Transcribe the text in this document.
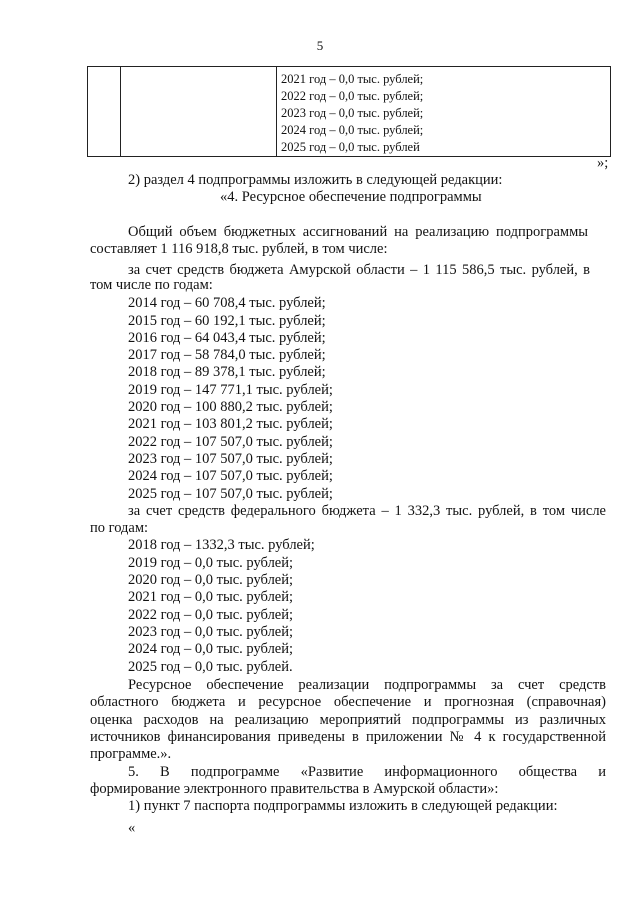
5

2021 год – 0,0 тыс. рублей;
2022 год – 0,0 тыс. рублей;
2023 год – 0,0 тыс. рублей;
2024 год – 0,0 тыс. рублей;
2025 год – 0,0 тыс. рублей
»;
2) раздел 4 подпрограммы изложить в следующей редакции:
«4. Ресурсное обеспечение подпрограммы
Общий объем бюджетных ассигнований на реализацию подпрограммы
составляет 1 116 918,8 тыс. рублей, в том числе:
за счет средств бюджета Амурской области – 1 115 586,5 тыс. рублей, в
том числе по годам:
2014 год – 60 708,4 тыс. рублей;
2015 год – 60 192,1 тыс. рублей;
2016 год – 64 043,4 тыс. рублей;
2017 год – 58 784,0 тыс. рублей;
2018 год – 89 378,1 тыс. рублей;
2019 год – 147 771,1 тыс. рублей;
2020 год – 100 880,2 тыс. рублей;
2021 год – 103 801,2 тыс. рублей;
2022 год – 107 507,0 тыс. рублей;
2023 год – 107 507,0 тыс. рублей;
2024 год – 107 507,0 тыс. рублей;
2025 год – 107 507,0 тыс. рублей;
за счет средств федерального бюджета – 1 332,3 тыс. рублей, в том числе
по годам:
2018 год – 1332,3 тыс. рублей;
2019 год – 0,0 тыс. рублей;
2020 год – 0,0 тыс. рублей;
2021 год – 0,0 тыс. рублей;
2022 год – 0,0 тыс. рублей;
2023 год – 0,0 тыс. рублей;
2024 год – 0,0 тыс. рублей;
2025 год – 0,0 тыс. рублей.
Ресурсное обеспечение реализации подпрограммы за счет средств
областного бюджета и ресурсное обеспечение и прогнозная (справочная)
оценка расходов на реализацию мероприятий подпрограммы из различных
источников финансирования приведены в приложении № 4 к государственной
программе.».
5. В подпрограмме «Развитие информационного общества и
формирование электронного правительства в Амурской области»:
1) пункт 7 паспорта подпрограммы изложить в следующей редакции:
«
